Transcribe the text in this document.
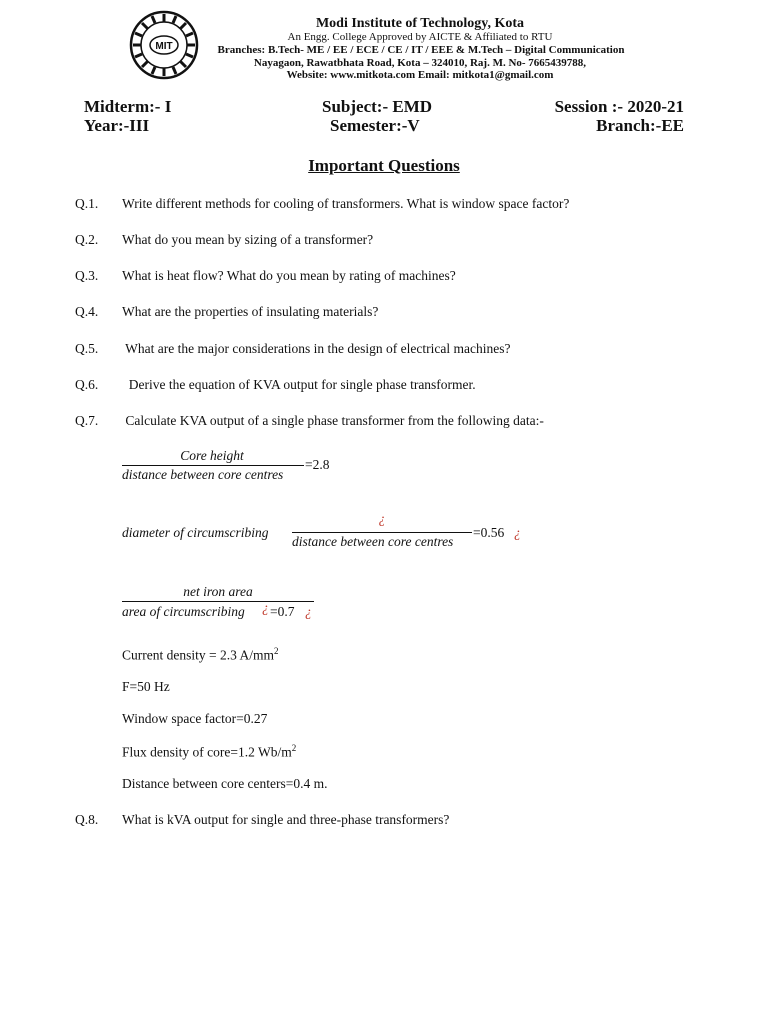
MIT
Modi Institute of Technology, Kota
An Engg. College Approved by AICTE & Affiliated to RTU
Branches: B.Tech- ME / EE / ECE / CE / IT / EEE & M.Tech – Digital Communication
Nayagaon, Rawatbhata Road, Kota – 324010, Raj. M. No- 7665439788,
Website: www.mitkota.com Email: mitkota1@gmail.com
Midterm:- I	Subject:- EMD	Session :- 2020-21
Year:-III	Semester:-V	Branch:-EE
Important Questions
Q.1. Write different methods for cooling of transformers. What is window space factor?
Q.2. What do you mean by sizing of a transformer?
Q.3. What is heat flow? What do you mean by rating of machines?
Q.4. What are the properties of insulating materials?
Q.5. What are the major considerations in the design of electrical machines?
Q.6. Derive the equation of KVA output for single phase transformer.
Q.7. Calculate KVA output of a single phase transformer from the following data:-
Core height
distance between core centres
=2.8
diameter of circumscribing
¿
distance between core centres
=0.56 ¿
net iron area
area of circumscribing ¿ =0.7 ¿
Current density = 2.3 $A/mm^2$
F=50 Hz
Window space factor=0.27
Flux density of core=1.2 $Wb/m^2$
Distance between core centers=0.4 m.
Q.8. What is kVA output for single and three-phase transformers?
